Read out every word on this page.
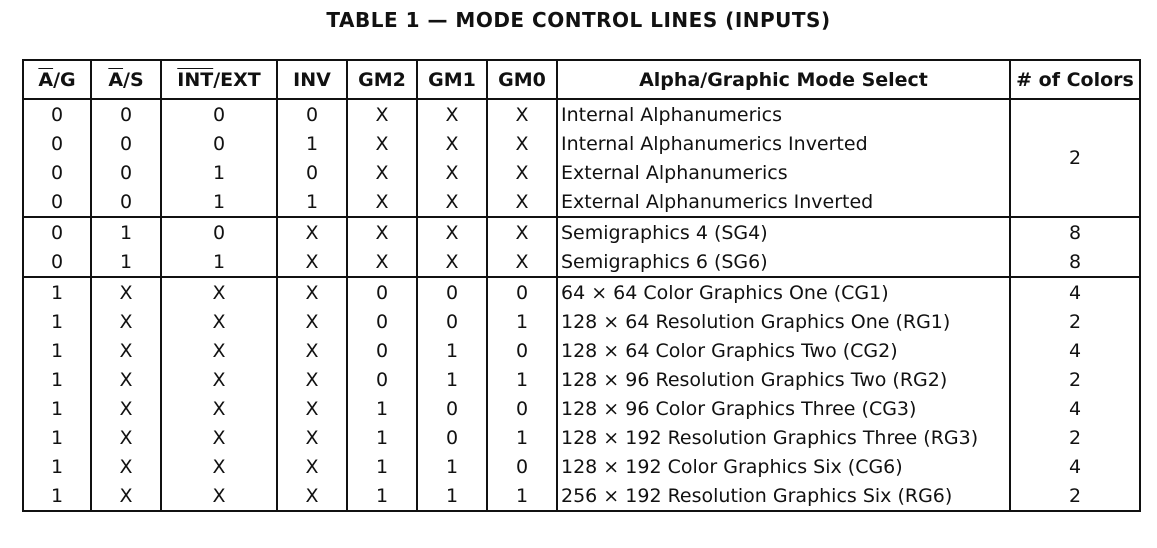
TABLE 1 — MODE CONTROL LINES (INPUTS)
$\overline{A}/G$	$\overline{A}/S$	$\overline{INT}$/EXT	INV	GM2	GM1	GM0	Alpha/Graphic Mode Select	# of Colors
0	0	0	0	X	X	X	Internal Alphanumerics	2
0	0	0	1	X	X	X	Internal Alphanumerics Inverted	
0	0	1	0	X	X	X	External Alphanumerics	
0	0	1	1	X	X	X	External Alphanumerics Inverted	
0	1	0	X	X	X	X	Semigraphics 4 (SG4)	8
0	1	1	X	X	X	X	Semigraphics 6 (SG6)	8
1	X	X	X	0	0	0	64 × 64 Color Graphics One (CG1)	4
1	X	X	X	0	0	1	128 × 64 Resolution Graphics One (RG1)	2
1	X	X	X	0	1	0	128 × 64 Color Graphics Two (CG2)	4
1	X	X	X	0	1	1	128 × 96 Resolution Graphics Two (RG2)	2
1	X	X	X	1	0	0	128 × 96 Color Graphics Three (CG3)	4
1	X	X	X	1	0	1	128 × 192 Resolution Graphics Three (RG3)	2
1	X	X	X	1	1	0	128 × 192 Color Graphics Six (CG6)	4
1	X	X	X	1	1	1	256 × 192 Resolution Graphics Six (RG6)	2
